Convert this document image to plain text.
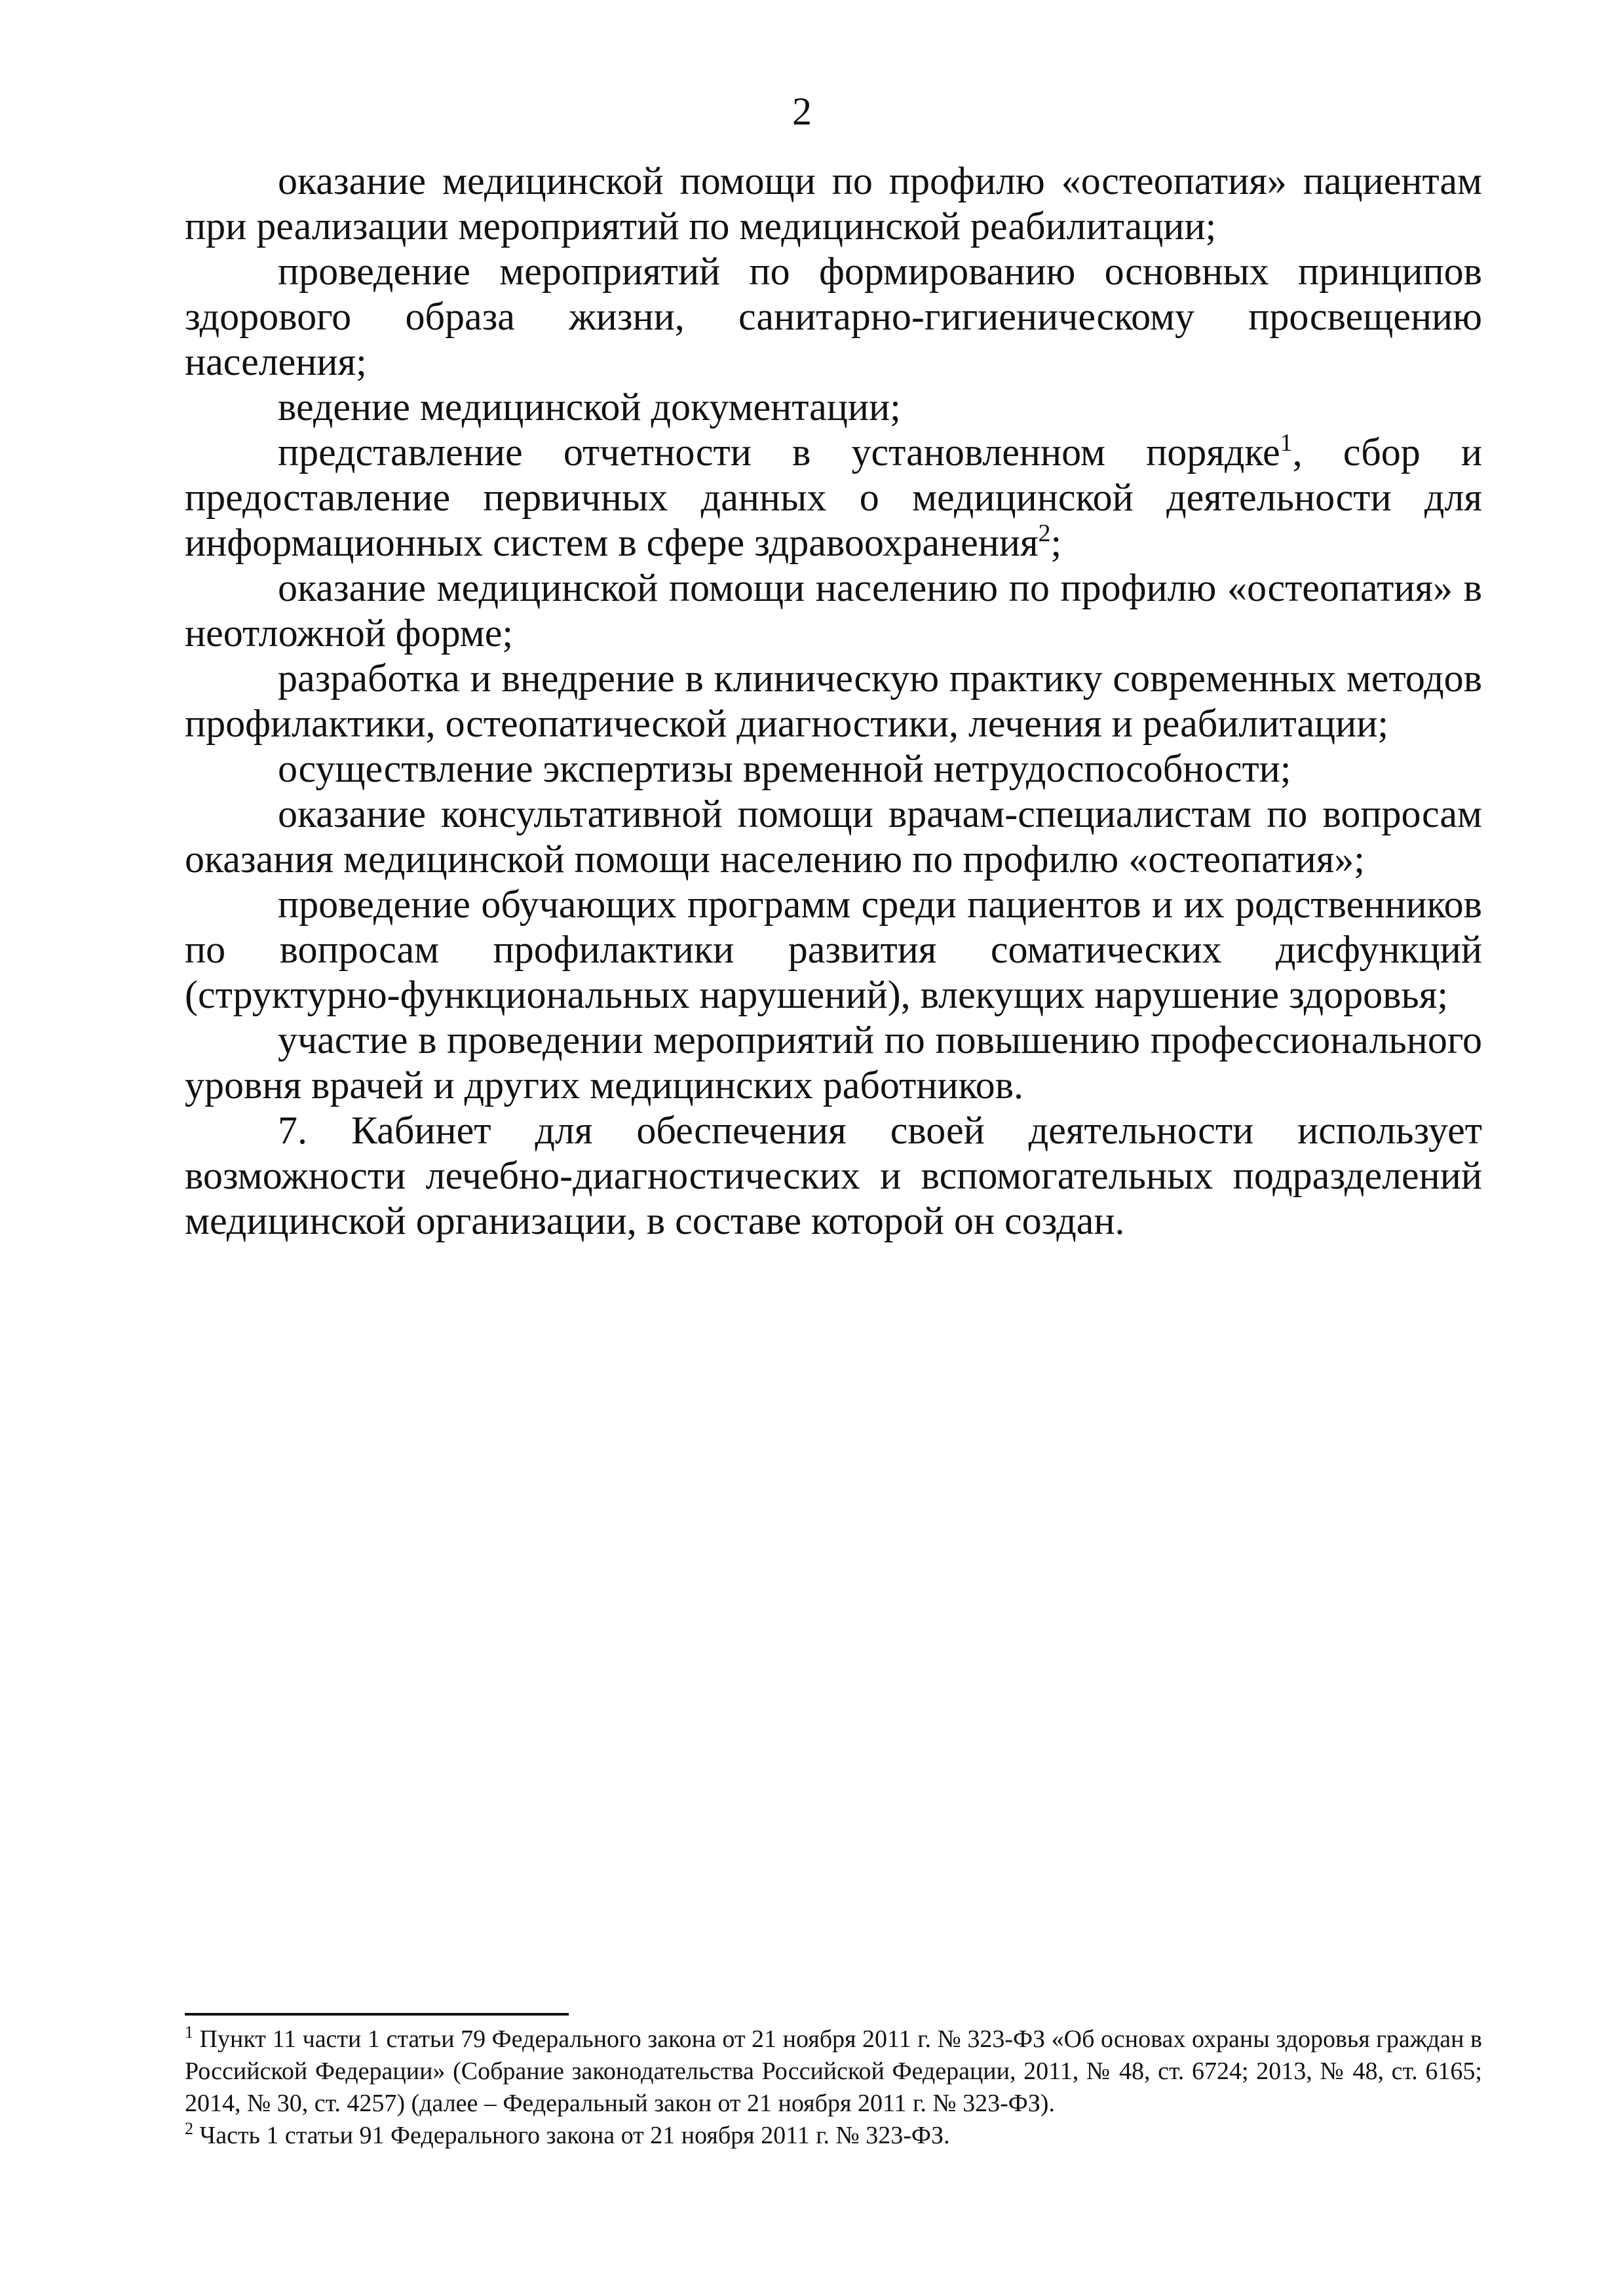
2

оказание медицинской помощи по профилю «остеопатия» пациентам при реализации мероприятий по медицинской реабилитации;

проведение мероприятий по формированию основных принципов здорового образа жизни, санитарно-гигиеническому просвещению населения;

ведение медицинской документации;

представление отчетности в установленном порядке$^1$, сбор и предоставление первичных данных о медицинской деятельности для информационных систем в сфере здравоохранения$^2$;

оказание медицинской помощи населению по профилю «остеопатия» в неотложной форме;

разработка и внедрение в клиническую практику современных методов профилактики, остеопатической диагностики, лечения и реабилитации;

осуществление экспертизы временной нетрудоспособности;

оказание консультативной помощи врачам-специалистам по вопросам оказания медицинской помощи населению по профилю «остеопатия»;

проведение обучающих программ среди пациентов и их родственников по вопросам профилактики развития соматических дисфункций (структурно-функциональных нарушений), влекущих нарушение здоровья;

участие в проведении мероприятий по повышению профессионального уровня врачей и других медицинских работников.

7. Кабинет для обеспечения своей деятельности использует возможности лечебно-диагностических и вспомогательных подразделений медицинской организации, в составе которой он создан.

$^1$ Пункт 11 части 1 статьи 79 Федерального закона от 21 ноября 2011 г. № 323-ФЗ «Об основах охраны здоровья граждан в Российской Федерации» (Собрание законодательства Российской Федерации, 2011, № 48, ст. 6724; 2013, № 48, ст. 6165; 2014, № 30, ст. 4257) (далее – Федеральный закон от 21 ноября 2011 г. № 323-ФЗ).

$^2$ Часть 1 статьи 91 Федерального закона от 21 ноября 2011 г. № 323-ФЗ.
